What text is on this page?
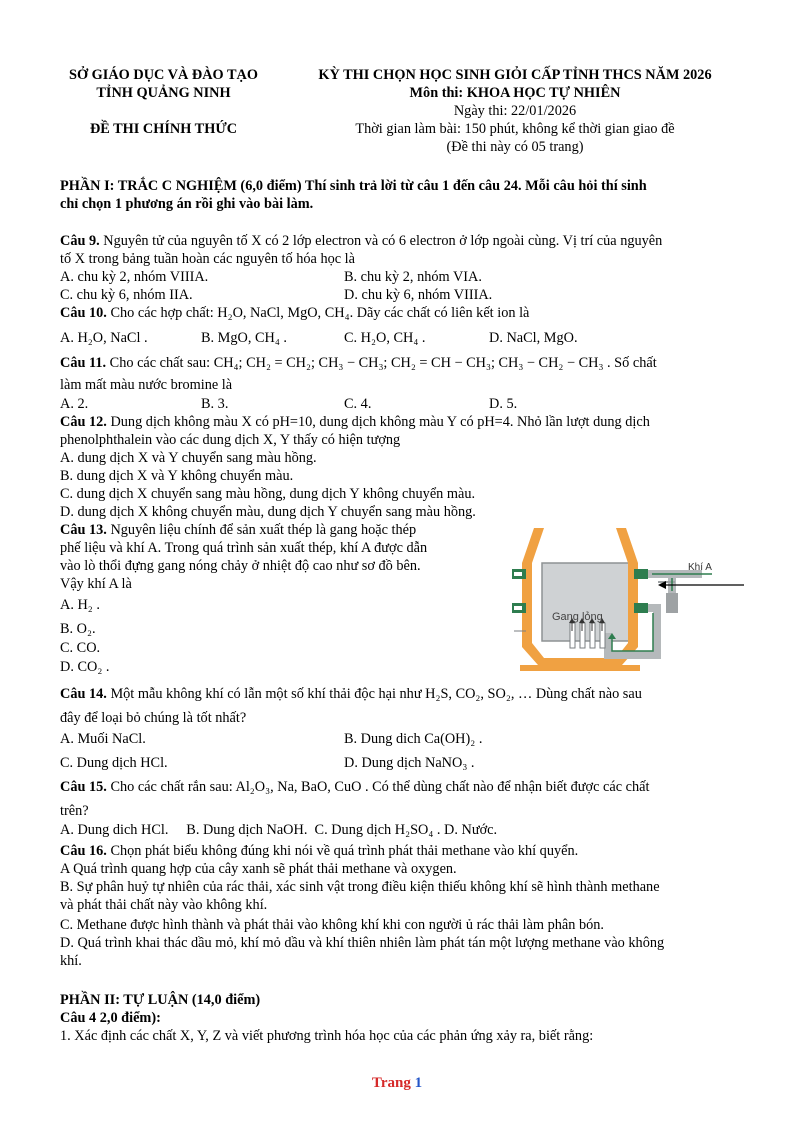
SỞ GIÁO DỤC VÀ ĐÀO TẠO
TỈNH QUẢNG NINH
ĐỀ THI CHÍNH THỨC
KỲ THI CHỌN HỌC SINH GIỎI CẤP TỈNH THCS NĂM 2026
Môn thi: KHOA HỌC TỰ NHIÊN
Ngày thi: 22/01/2026
Thời gian làm bài: 150 phút, không kể thời gian giao đề
(Đề thi này có 05 trang)
PHẦN I: TRẮC C NGHIỆM (6,0 điểm) Thí sinh trả lời từ câu 1 đến câu 24. Mỗi câu hỏi thí sinh
chỉ chọn 1 phương án rồi ghi vào bài làm.
Câu 9. Nguyên tử của nguyên tố X có 2 lớp electron và có 6 electron ở lớp ngoài cùng. Vị trí của nguyên
tố X trong bảng tuần hoàn các nguyên tố hóa học là
A. chu kỳ 2, nhóm VIIIA.	B. chu kỳ 2, nhóm VIA.
C. chu kỳ 6, nhóm IIA.	D. chu kỳ 6, nhóm VIIIA.
Câu 10. Cho các hợp chất: H₂O, NaCl, MgO, CH₄. Dãy các chất có liên kết ion là
A. H₂O, NaCl .	B. MgO, CH₄ .	C. H₂O, CH₄ .	D. NaCl, MgO.
Câu 11. Cho các chất sau: CH₄; CH₂ = CH₂; CH₃ − CH₃; CH₂ = CH − CH₃; CH₃ − CH₂ − CH₃ . Số chất
làm mất màu nước bromine là
A. 2.	B. 3.	C. 4.	D. 5.
Câu 12. Dung dịch không màu X có pH=10, dung dịch không màu Y có pH=4. Nhỏ lần lượt dung dịch
phenolphthalein vào các dung dịch X, Y thấy có hiện tượng
A. dung dịch X và Y chuyển sang màu hồng.
B. dung dịch X và Y không chuyển màu.
C. dung dịch X chuyển sang màu hồng, dung dịch Y không chuyển màu.
D. dung dịch X không chuyển màu, dung dịch Y chuyển sang màu hồng.
Câu 13. Nguyên liệu chính để sản xuất thép là gang hoặc thép
phế liệu và khí A. Trong quá trình sản xuất thép, khí A được dẫn
vào lò thổi đựng gang nóng chảy ở nhiệt độ cao như sơ đồ bên.
Vậy khí A là
A. H₂ .
B. O₂.
C. CO.
D. CO₂ .
Gang lỏng
Khí A
Câu 14. Một mẫu không khí có lẫn một số khí thải độc hại như H₂S, CO₂, SO₂, … Dùng chất nào sau
đây để loại bỏ chúng là tốt nhất?
A. Muối NaCl.	B. Dung dich Ca(OH)₂ .
C. Dung dịch HCl.	D. Dung dịch NaNO₃ .
Câu 15. Cho các chất rắn sau: Al₂O₃, Na, BaO, CuO . Có thể dùng chất nào để nhận biết được các chất
trên?
A. Dung dich HCl.     B. Dung dịch NaOH.  C. Dung dịch H₂SO₄ . D. Nước.
Câu 16. Chọn phát biểu không đúng khi nói về quá trình phát thải methane vào khí quyển.
A Quá trình quang hợp của cây xanh sẽ phát thải methane và oxygen.
B. Sự phân huỷ tự nhiên của rác thải, xác sinh vật trong điều kiện thiếu không khí sẽ hình thành methane
và phát thải chất này vào không khí.
C. Methane được hình thành và phát thải vào không khí khi con người ủ rác thải làm phân bón.
D. Quá trình khai thác dầu mỏ, khí mỏ dầu và khí thiên nhiên làm phát tán một lượng methane vào không
khí.
PHẦN II: TỰ LUẬN (14,0 điểm)
Câu 4 2,0 điểm):
1. Xác định các chất X, Y, Z và viết phương trình hóa học của các phản ứng xảy ra, biết rằng:
Trang 1
